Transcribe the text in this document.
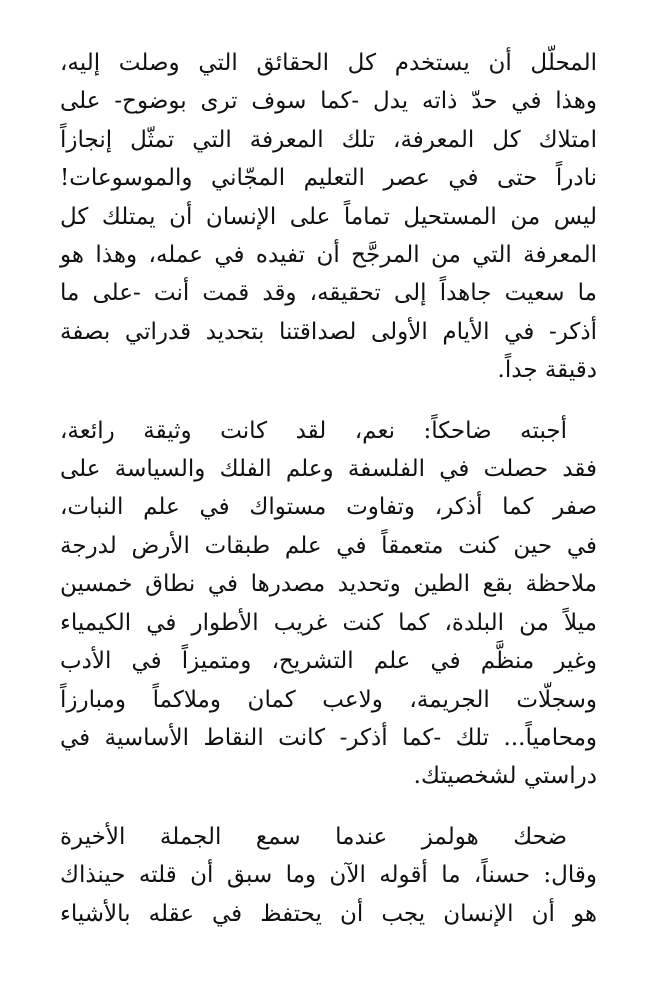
المحلّل أن يستخدم كل الحقائق التي وصلت إليه،
وهذا في حدّ ذاته يدل -كما سوف ترى بوضوح- على
امتلاك كل المعرفة، تلك المعرفة التي تمثّل إنجازاً
نادراً حتى في عصر التعليم المجّاني والموسوعات!
ليس من المستحيل تماماً على الإنسان أن يمتلك كل
المعرفة التي من المرجَّح أن تفيده في عمله، وهذا هو
ما سعيت جاهداً إلى تحقيقه، وقد قمت أنت -على ما
أذكر- في الأيام الأولى لصداقتنا بتحديد قدراتي بصفة
دقيقة جداً.
أجبته ضاحكاً: نعم، لقد كانت وثيقة رائعة،
فقد حصلت في الفلسفة وعلم الفلك والسياسة على
صفر كما أذكر، وتفاوت مستواك في علم النبات،
في حين كنت متعمقاً في علم طبقات الأرض لدرجة
ملاحظة بقع الطين وتحديد مصدرها في نطاق خمسين
ميلاً من البلدة، كما كنت غريب الأطوار في الكيمياء
وغير منظَّم في علم التشريح، ومتميزاً في الأدب
وسجلّات الجريمة، ولاعب كمان وملاكماً ومبارزاً
ومحامياً... تلك -كما أذكر- كانت النقاط الأساسية في
دراستي لشخصيتك.
ضحك هولمز عندما سمع الجملة الأخيرة
وقال: حسناً، ما أقوله الآن وما سبق أن قلته حينذاك
هو أن الإنسان يجب أن يحتفظ في عقله بالأشياء
